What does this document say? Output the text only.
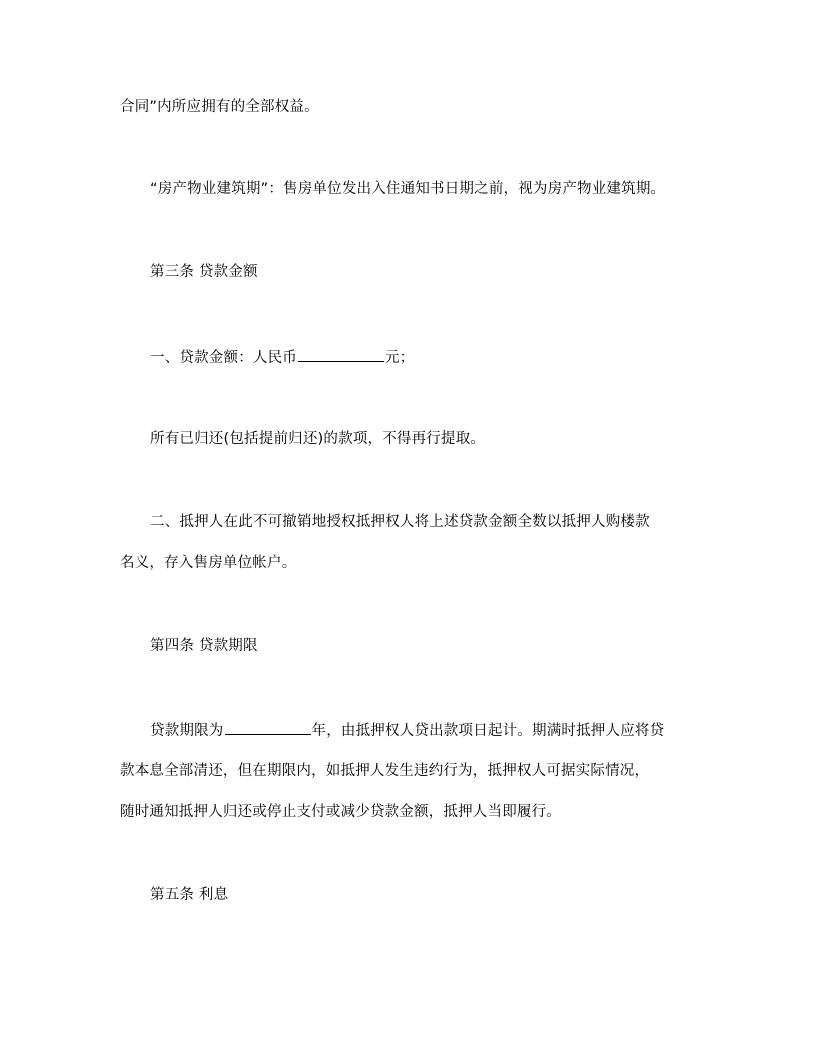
合同”内所应拥有的全部权益。
“房产物业建筑期”：售房单位发出入住通知书日期之前，视为房产物业建筑期。
第三条 贷款金额
一、贷款金额：人民币	元；
所有已归还(包括提前归还)的款项，不得再行提取。
二、抵押人在此不可撤销地授权抵押权人将上述贷款金额全数以抵押人购楼款
名义，存入售房单位帐户。
第四条 贷款期限
贷款期限为	年，由抵押权人贷出款项日起计。期满时抵押人应将贷
款本息全部清还，但在期限内，如抵押人发生违约行为，抵押权人可据实际情况，
随时通知抵押人归还或停止支付或减少贷款金额，抵押人当即履行。
第五条 利息
